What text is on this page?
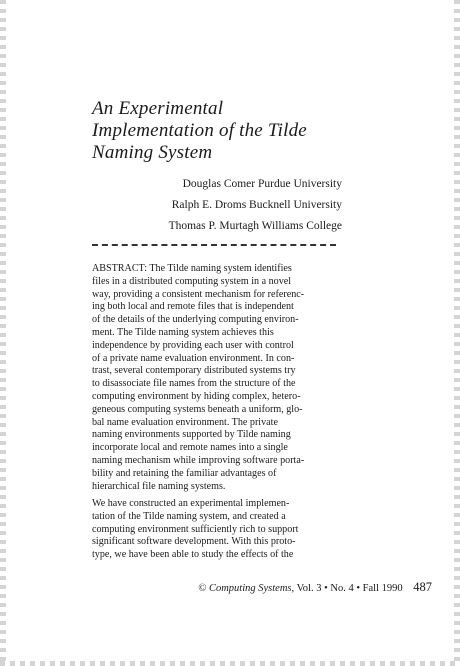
An Experimental
Implementation of the Tilde
Naming System
Douglas Comer Purdue University
Ralph E. Droms Bucknell University
Thomas P. Murtagh Williams College
ABSTRACT: The Tilde naming system identifies
files in a distributed computing system in a novel
way, providing a consistent mechanism for referenc-
ing both local and remote files that is independent
of the details of the underlying computing environ-
ment. The Tilde naming system achieves this
independence by providing each user with control
of a private name evaluation environment. In con-
trast, several contemporary distributed systems try
to disassociate file names from the structure of the
computing environment by hiding complex, hetero-
geneous computing systems beneath a uniform, glo-
bal name evaluation environment. The private
naming environments supported by Tilde naming
incorporate local and remote names into a single
naming mechanism while improving software porta-
bility and retaining the familiar advantages of
hierarchical file naming systems.
We have constructed an experimental implemen-
tation of the Tilde naming system, and created a
computing environment sufficiently rich to support
significant software development. With this proto-
type, we have been able to study the effects of the
© Computing Systems, Vol. 3 • No. 4 • Fall 1990 487
